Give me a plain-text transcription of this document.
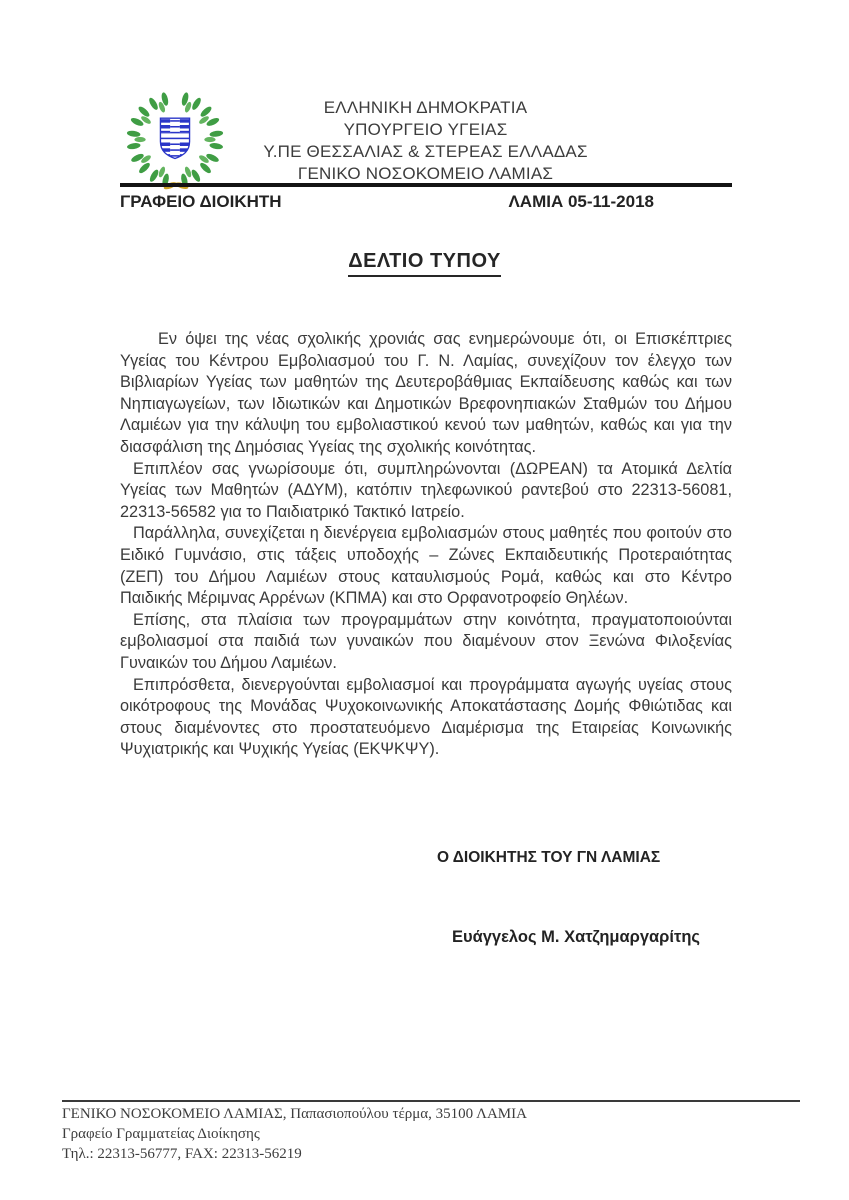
ΕΛΛΗΝΙΚΗ ΔΗΜΟΚΡΑΤΙΑ
ΥΠΟΥΡΓΕΙΟ ΥΓΕΙΑΣ
Υ.ΠΕ ΘΕΣΣΑΛΙΑΣ & ΣΤΕΡΕΑΣ ΕΛΛΑΔΑΣ
ΓΕΝΙΚΟ ΝΟΣΟΚΟΜΕΙΟ ΛΑΜΙΑΣ
ΓΡΑΦΕΙΟ ΔΙΟΙΚΗΤΗ	ΛΑΜΙΑ 05-11-2018
ΔΕΛΤΙΟ ΤΥΠΟΥ

Εν όψει της νέας σχολικής χρονιάς σας ενημερώνουμε ότι, οι Επισκέπτριες Υγείας του Κέντρου Εμβολιασμού του Γ. Ν. Λαμίας, συνεχίζουν τον έλεγχο των Βιβλιαρίων Υγείας των μαθητών της Δευτεροβάθμιας Εκπαίδευσης καθώς και των Νηπιαγωγείων, των Ιδιωτικών και Δημοτικών Βρεφονηπιακών Σταθμών του Δήμου Λαμιέων για την κάλυψη του εμβολιαστικού κενού των μαθητών, καθώς και για την διασφάλιση της Δημόσιας Υγείας της σχολικής κοινότητας.

Επιπλέον σας γνωρίσουμε ότι, συμπληρώνονται (ΔΩΡΕΑΝ) τα Ατομικά Δελτία Υγείας των Μαθητών (ΑΔΥΜ), κατόπιν τηλεφωνικού ραντεβού στο 22313-56081, 22313-56582 για το Παιδιατρικό Τακτικό Ιατρείο.

Παράλληλα, συνεχίζεται η διενέργεια εμβολιασμών στους μαθητές που φοιτούν στο Ειδικό Γυμνάσιο, στις τάξεις υποδοχής – Ζώνες Εκπαιδευτικής Προτεραιότητας (ΖΕΠ) του Δήμου Λαμιέων στους καταυλισμούς Ρομά, καθώς και στο Κέντρο Παιδικής Μέριμνας Αρρένων (ΚΠΜΑ) και στο Ορφανοτροφείο Θηλέων.

Επίσης, στα πλαίσια των προγραμμάτων στην κοινότητα, πραγματοποιούνται εμβολιασμοί στα παιδιά των γυναικών που διαμένουν στον Ξενώνα Φιλοξενίας Γυναικών του Δήμου Λαμιέων.

Επιπρόσθετα, διενεργούνται εμβολιασμοί και προγράμματα αγωγής υγείας στους οικότροφους της Μονάδας Ψυχοκοινωνικής Αποκατάστασης Δομής Φθιώτιδας και στους διαμένοντες στο προστατευόμενο Διαμέρισμα της Εταιρείας Κοινωνικής Ψυχιατρικής και Ψυχικής Υγείας (ΕΚΨΚΨΥ).

Ο ΔΙΟΙΚΗΤΗΣ ΤΟΥ ΓΝ ΛΑΜΙΑΣ
Ευάγγελος Μ. Χατζημαργαρίτης
ΓΕΝΙΚΟ ΝΟΣΟΚΟΜΕΙΟ ΛΑΜΙΑΣ, Παπασιοπούλου τέρμα, 35100 ΛΑΜΙΑ
Γραφείο Γραμματείας Διοίκησης
Τηλ.: 22313-56777, FAX: 22313-56219
